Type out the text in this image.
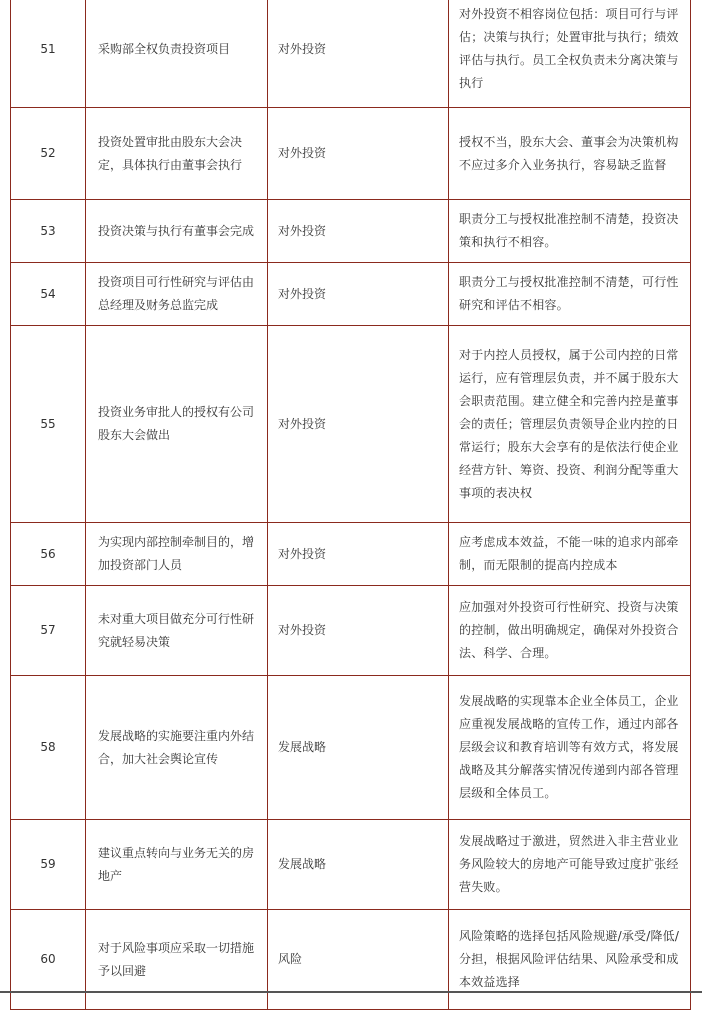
51	采购部全权负责投资项目	对外投资	对外投资不相容岗位包括：项目可行与评估；决策与执行；处置审批与执行；绩效评估与执行。员工全权负责未分离决策与执行
52	投资处置审批由股东大会决定，具体执行由董事会执行	对外投资	授权不当，股东大会、董事会为决策机构不应过多介入业务执行，容易缺乏监督
53	投资决策与执行有董事会完成	对外投资	职责分工与授权批准控制不清楚，投资决策和执行不相容。
54	投资项目可行性研究与评估由总经理及财务总监完成	对外投资	职责分工与授权批准控制不清楚，可行性研究和评估不相容。
55	投资业务审批人的授权有公司股东大会做出	对外投资	对于内控人员授权，属于公司内控的日常运行，应有管理层负责，并不属于股东大会职责范围。建立健全和完善内控是董事会的责任；管理层负责领导企业内控的日常运行；股东大会享有的是依法行使企业经营方针、筹资、投资、利润分配等重大事项的表决权
56	为实现内部控制牵制目的，增加投资部门人员	对外投资	应考虑成本效益，不能一味的追求内部牵制，而无限制的提高内控成本
57	未对重大项目做充分可行性研究就轻易决策	对外投资	应加强对外投资可行性研究、投资与决策的控制，做出明确规定，确保对外投资合法、科学、合理。
58	发展战略的实施要注重内外结合，加大社会舆论宣传	发展战略	发展战略的实现靠本企业全体员工，企业应重视发展战略的宣传工作，通过内部各层级会议和教育培训等有效方式，将发展战略及其分解落实情况传递到内部各管理层级和全体员工。
59	建议重点转向与业务无关的房地产	发展战略	发展战略过于激进，贸然进入非主营业业务风险较大的房地产可能导致过度扩张经营失败。
60	对于风险事项应采取一切措施予以回避	风险	风险策略的选择包括风险规避/承受/降低/分担，根据风险评估结果、风险承受和成本效益选择
